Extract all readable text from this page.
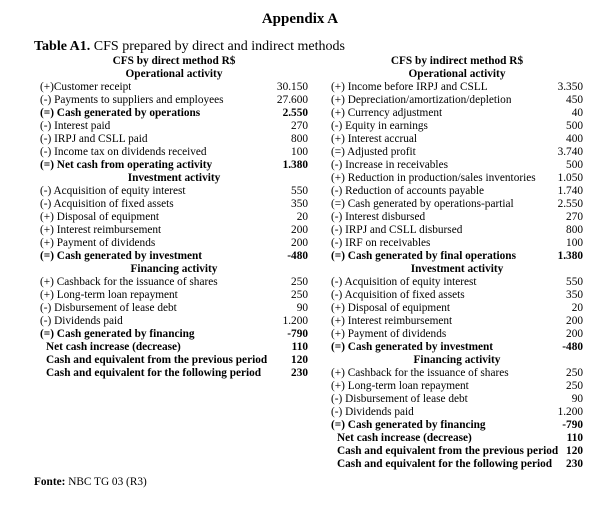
Appendix A
Table A1. CFS prepared by direct and indirect methods
CFS by direct method R$
Operational activity
(+)Customer receipt	30.150
(-) Payments to suppliers and employees	27.600
(=) Cash generated by operations	2.550
(-) Interest paid	270
(-) IRPJ and CSLL paid	800
(-) Income tax on dividends received	100
(=) Net cash from operating activity	1.380
Investment activity
(-) Acquisition of equity interest	550
(-) Acquisition of fixed assets	350
(+) Disposal of equipment	20
(+) Interest reimbursement	200
(+) Payment of dividends	200
(=) Cash generated by investment	-480
Financing activity
(+) Cashback for the issuance of shares	250
(+) Long-term loan repayment	250
(-) Disbursement of lease debt	90
(-) Dividends paid	1.200
(=) Cash generated by financing	-790
Net cash increase (decrease)	110
Cash and equivalent from the previous period 120
Cash and equivalent for the following period	230
CFS by indirect method R$
Operational activity
(+) Income before IRPJ and CSLL	3.350
(+) Depreciation/amortization/depletion	450
(+) Currency adjustment	40
(-) Equity in earnings	500
(+) Interest accrual	400
(=) Adjusted profit	3.740
(-) Increase in receivables	500
(+) Reduction in production/sales inventories 1.050
(-) Reduction of accounts payable	1.740
(=) Cash generated by operations-partial	2.550
(-) Interest disbursed	270
(-) IRPJ and CSLL disbursed	800
(-) IRF on receivables	100
(=) Cash generated by final operations	1.380
Investment activity
(-) Acquisition of equity interest	550
(-) Acquisition of fixed assets	350
(+) Disposal of equipment	20
(+) Interest reimbursement	200
(+) Payment of dividends	200
(=) Cash generated by investment	-480
Financing activity
(+) Cashback for the issuance of shares	250
(+) Long-term loan repayment	250
(-) Disbursement of lease debt	90
(-) Dividends paid	1.200
(=) Cash generated by financing	-790
Net cash increase (decrease)	110
Cash and equivalent from the previous period 120
Cash and equivalent for the following period 230
Fonte: NBC TG 03 (R3)
